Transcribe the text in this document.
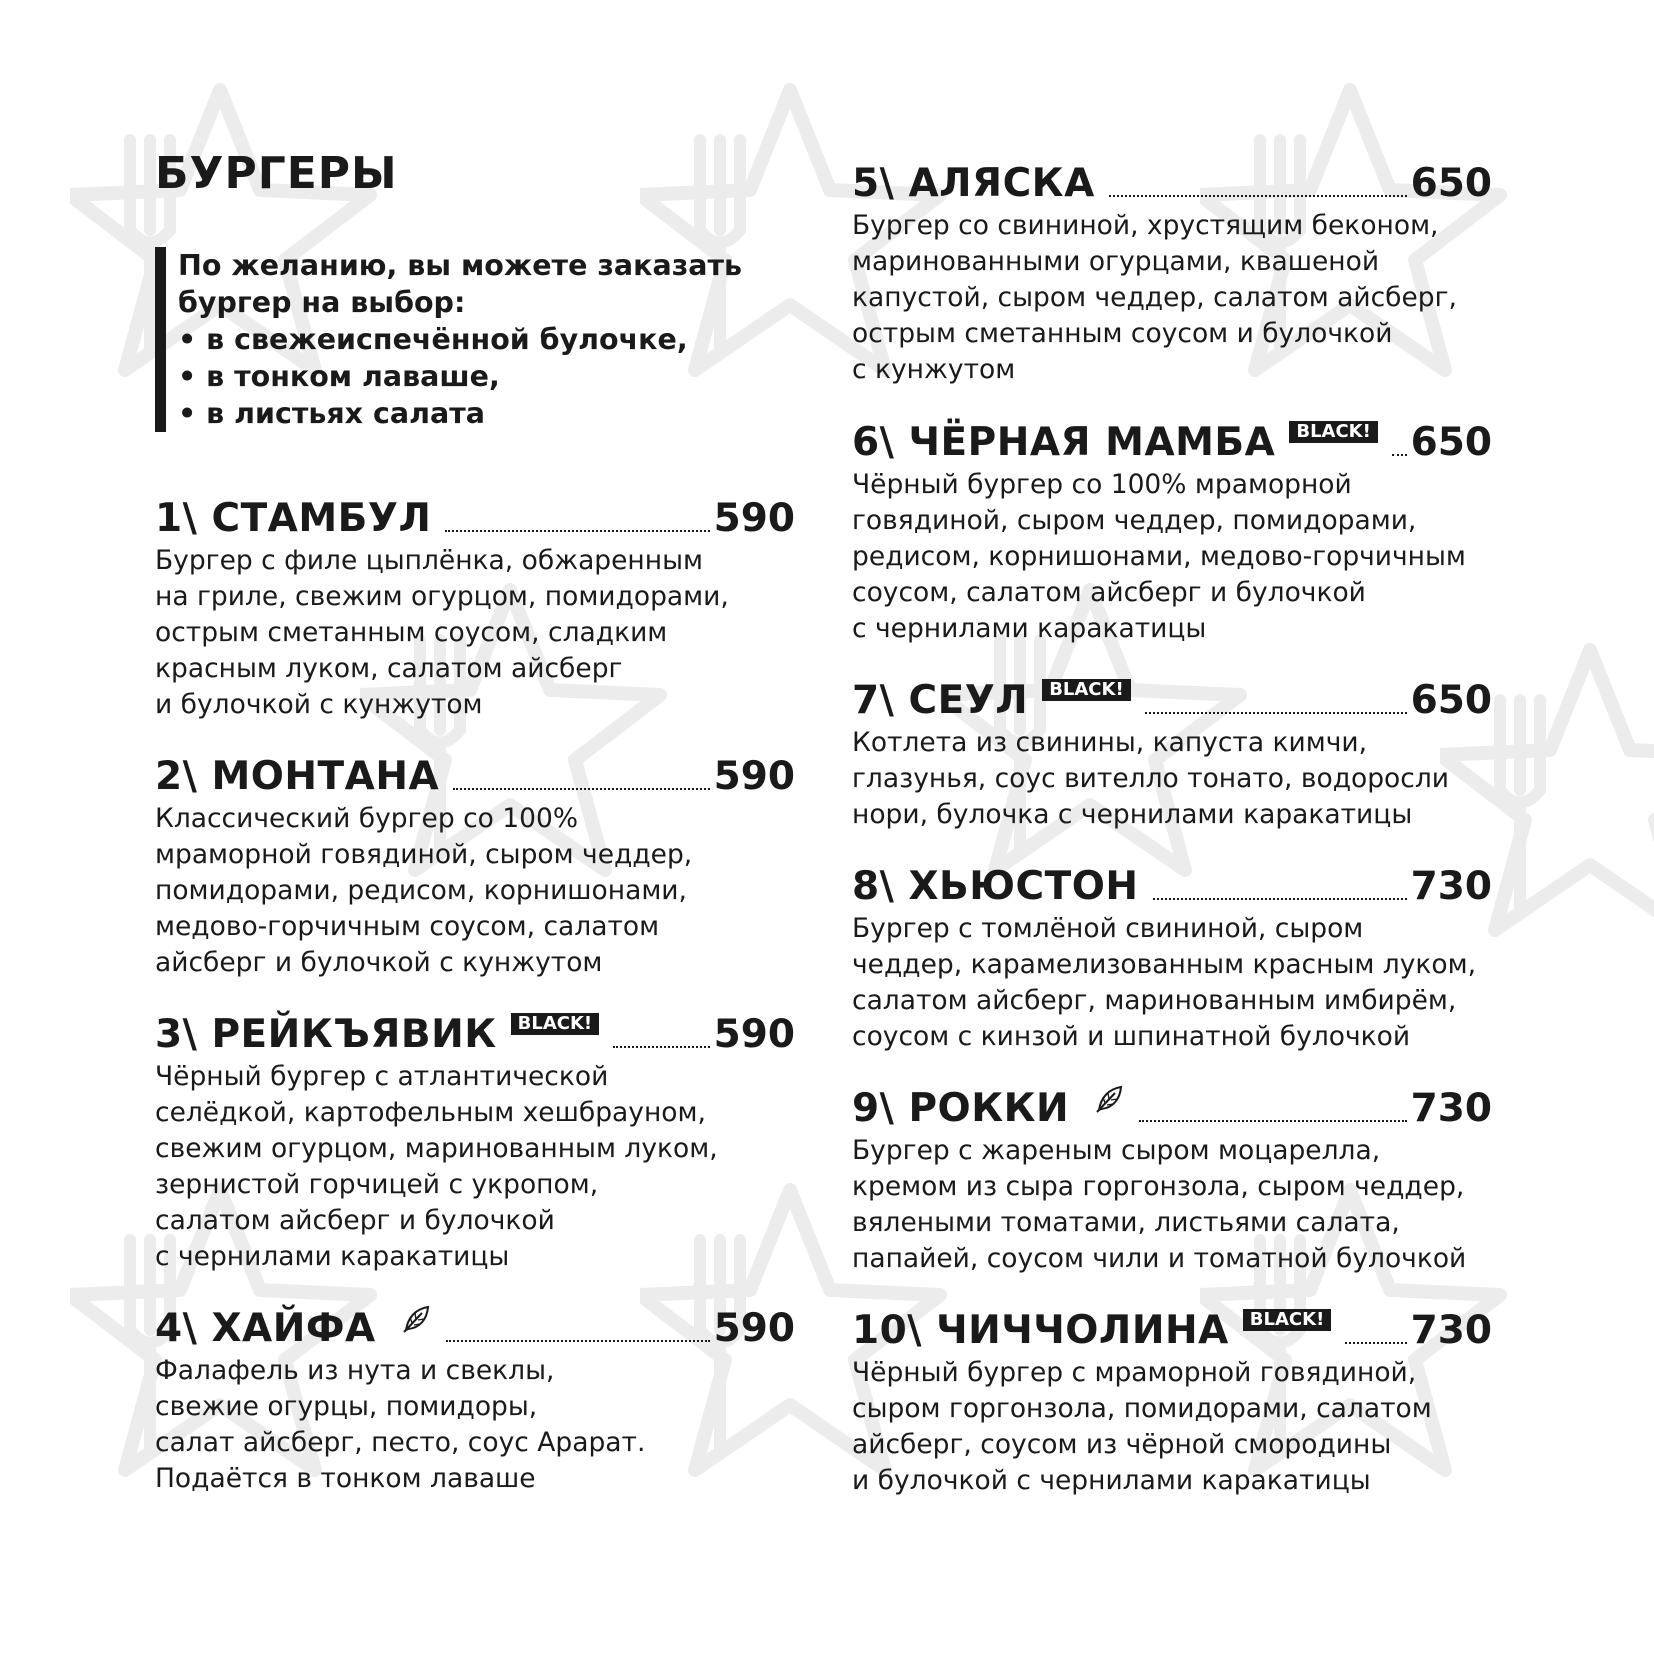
БУРГЕРЫ
По желанию, вы можете заказать
бургер на выбор:
• в свежеиспечённой булочке,
• в тонком лаваше,
• в листьях салата
1\ СТАМБУЛ	590
Бургер с филе цыплёнка, обжаренным
на гриле, свежим огурцом, помидорами,
острым сметанным соусом, сладким
красным луком, салатом айсберг
и булочкой с кунжутом
2\ МОНТАНА	590
Классический бургер со 100%
мраморной говядиной, сыром чеддер,
помидорами, редисом, корнишонами,
медово-горчичным соусом, салатом
айсберг и булочкой с кунжутом
3\ РЕЙКЪЯВИК	BLACK!	590
Чёрный бургер с атлантической
селёдкой, картофельным хешбрауном,
свежим огурцом, маринованным луком,
зернистой горчицей с укропом,
салатом айсберг и булочкой
с чернилами каракатицы
4\ ХАЙФА	590
Фалафель из нута и свеклы,
свежие огурцы, помидоры,
салат айсберг, песто, соус Арарат.
Подаётся в тонком лаваше
5\ АЛЯСКА	650
Бургер со свининой, хрустящим беконом,
маринованными огурцами, квашеной
капустой, сыром чеддер, салатом айсберг,
острым сметанным соусом и булочкой
с кунжутом
6\ ЧЁРНАЯ МАМБА	BLACK! 650
Чёрный бургер со 100% мраморной
говядиной, сыром чеддер, помидорами,
редисом, корнишонами, медово-горчичным
соусом, салатом айсберг и булочкой
с чернилами каракатицы
7\ СЕУЛ	BLACK!	650
Котлета из свинины, капуста кимчи,
глазунья, соус вителло тонато, водоросли
нори, булочка с чернилами каракатицы
8\ ХЬЮСТОН	730
Бургер с томлёной свининой, сыром
чеддер, карамелизованным красным луком,
салатом айсберг, маринованным имбирём,
соусом с кинзой и шпинатной булочкой
9\ РОККИ	730
Бургер с жареным сыром моцарелла,
кремом из сыра горгонзола, сыром чеддер,
вялеными томатами, листьями салата,
папайей, соусом чили и томатной булочкой
10\ ЧИЧЧОЛИНА	BLACK! 730
Чёрный бургер с мраморной говядиной,
сыром горгонзола, помидорами, салатом
айсберг, соусом из чёрной смородины
и булочкой с чернилами каракатицы
